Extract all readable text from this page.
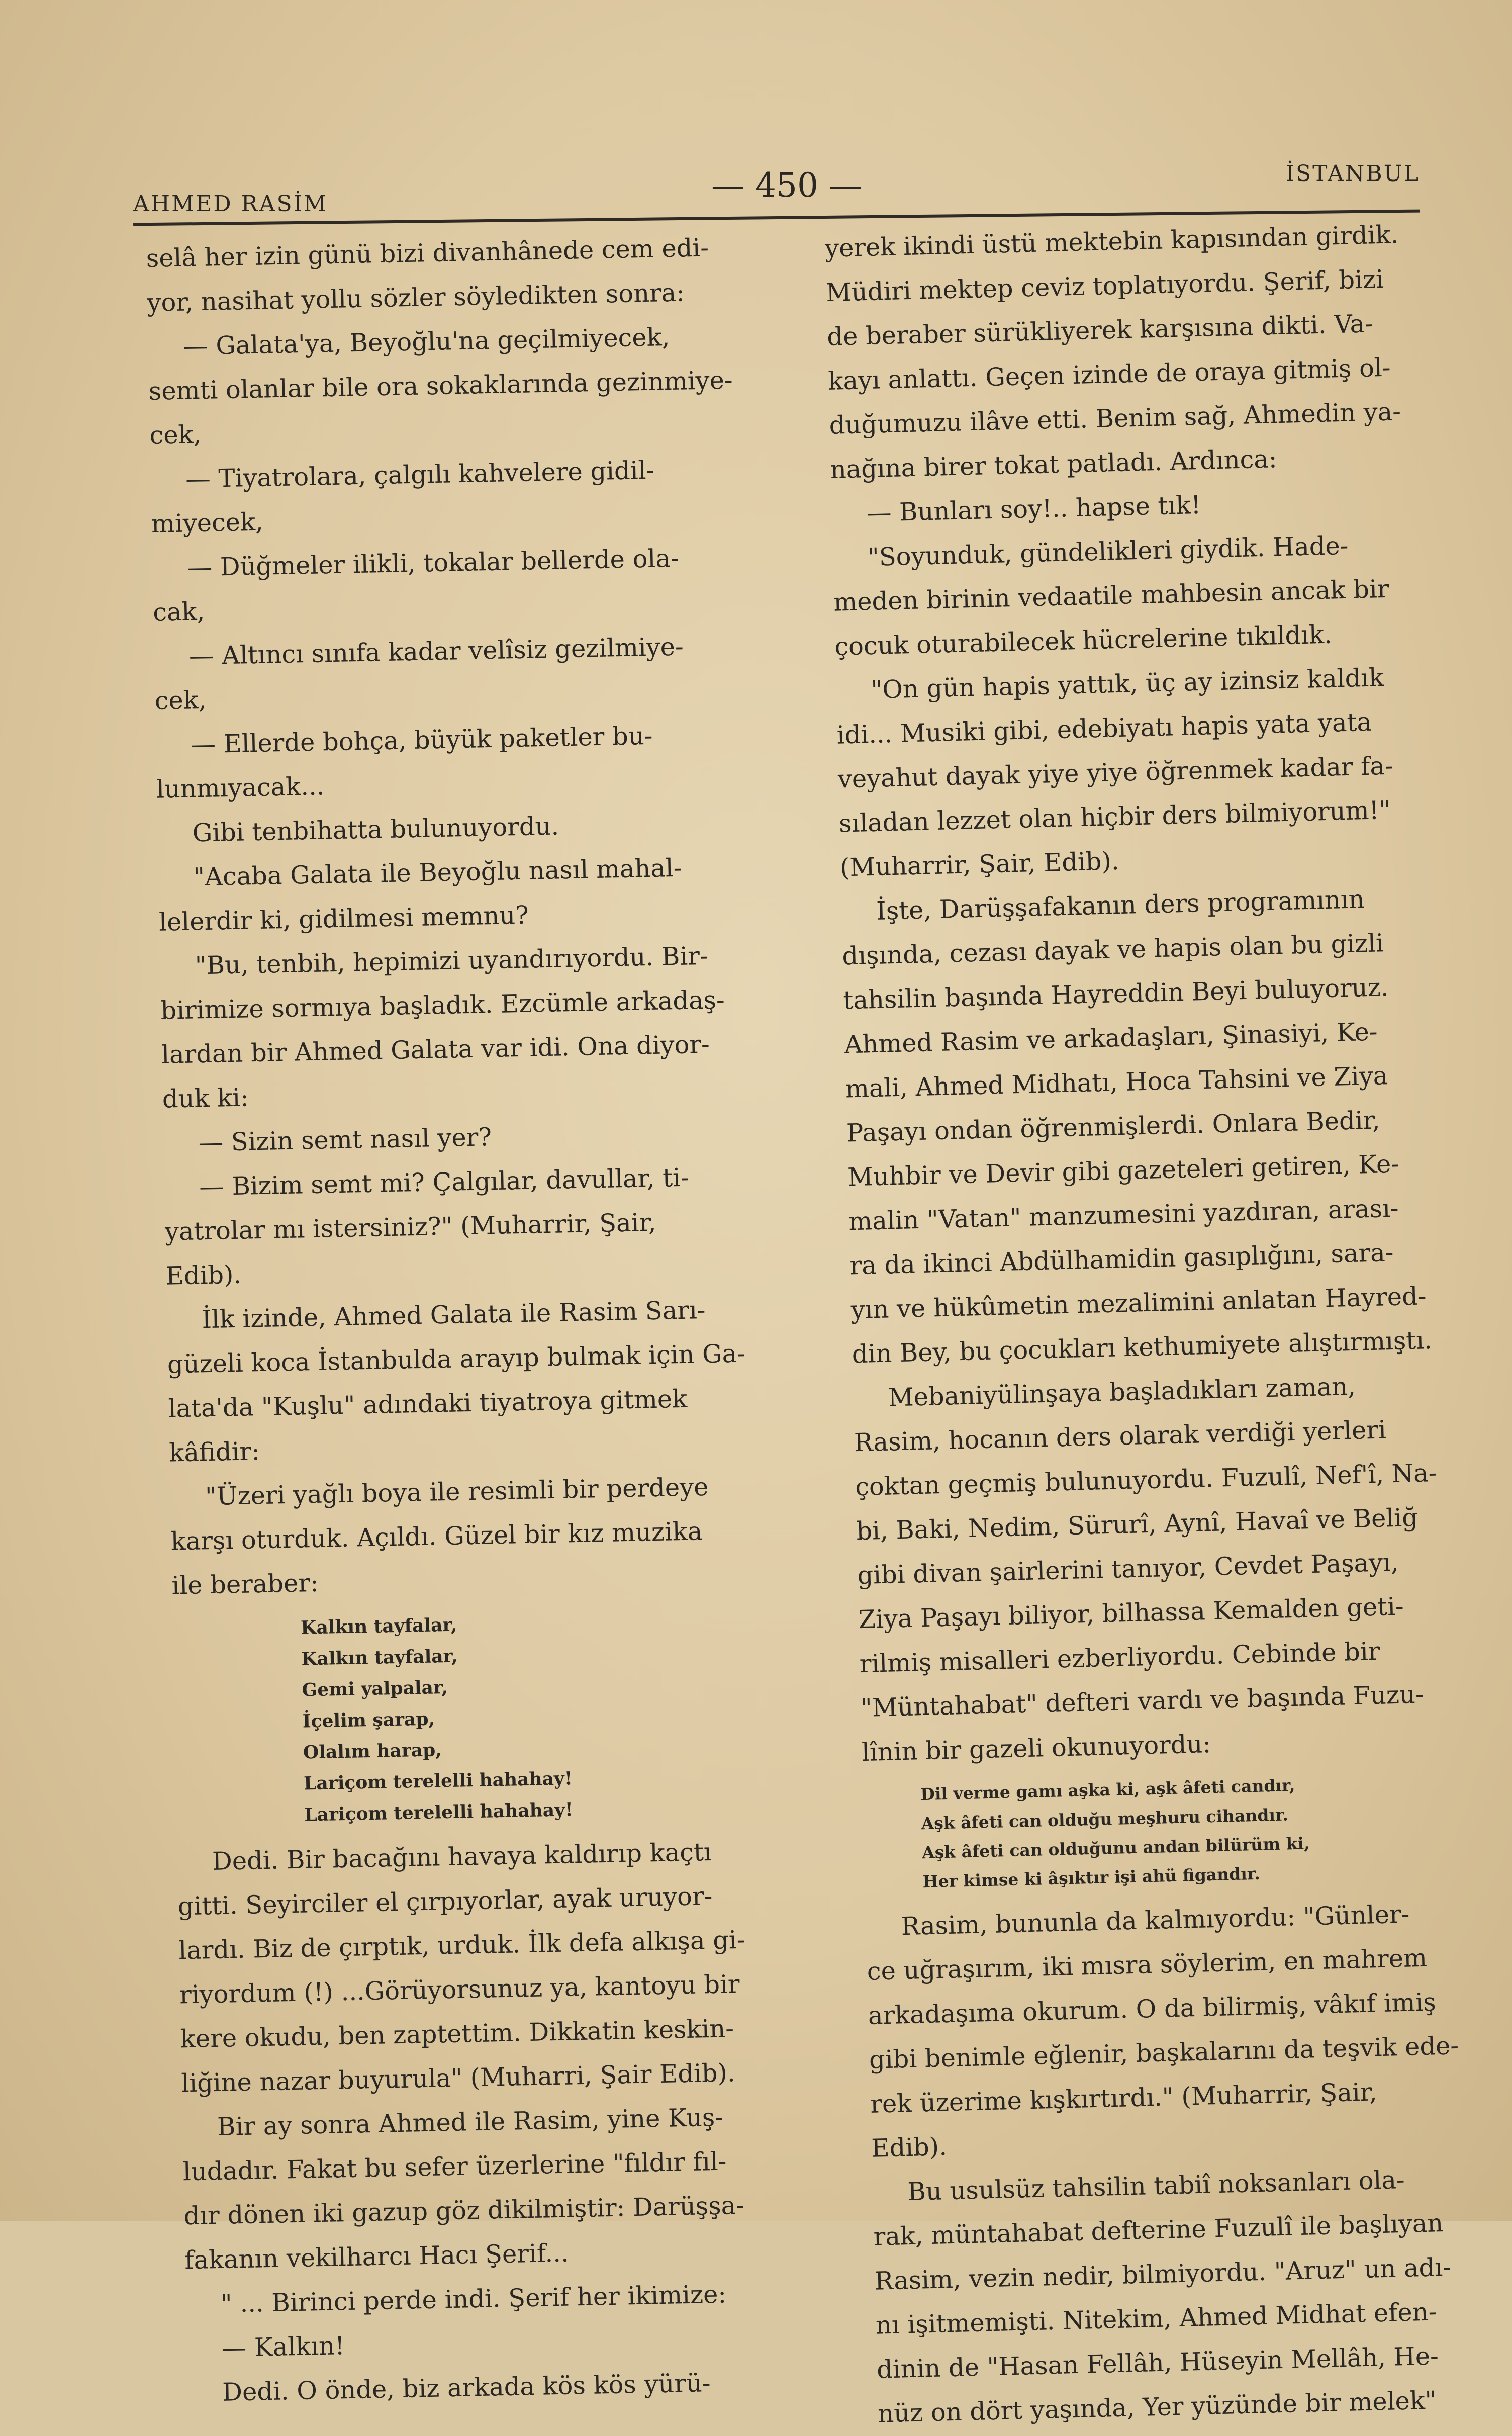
AHMED RASİM	— 450 —	İSTANBUL

selâ her izin günü bizi divanhânede cem edi-

yor, nasihat yollu sözler söyledikten sonra:

— Galata'ya, Beyoğlu'na geçilmiyecek,

semti olanlar bile ora sokaklarında gezinmiye-

cek,

— Tiyatrolara, çalgılı kahvelere gidil-

miyecek,

— Düğmeler ilikli, tokalar bellerde ola-

cak,

— Altıncı sınıfa kadar velîsiz gezilmiye-

cek,

— Ellerde bohça, büyük paketler bu-

lunmıyacak...

Gibi tenbihatta bulunuyordu.

"Acaba Galata ile Beyoğlu nasıl mahal-

lelerdir ki, gidilmesi memnu?

"Bu, tenbih, hepimizi uyandırıyordu. Bir-

birimize sormıya başladık. Ezcümle arkadaş-

lardan bir Ahmed Galata var idi. Ona diyor-

duk ki:

— Sizin semt nasıl yer?

— Bizim semt mi? Çalgılar, davullar, ti-

yatrolar mı istersiniz?" (Muharrir, Şair,

Edib).

İlk izinde, Ahmed Galata ile Rasim Sarı-

güzeli koca İstanbulda arayıp bulmak için Ga-

lata'da "Kuşlu" adındaki tiyatroya gitmek

kâfidir:

"Üzeri yağlı boya ile resimli bir perdeye

karşı oturduk. Açıldı. Güzel bir kız muzika

ile beraber:

Kalkın tayfalar,

Kalkın tayfalar,

Gemi yalpalar,

İçelim şarap,

Olalım harap,

Lariçom terelelli hahahay!

Lariçom terelelli hahahay!

Dedi. Bir bacağını havaya kaldırıp kaçtı

gitti. Seyirciler el çırpıyorlar, ayak uruyor-

lardı. Biz de çırptık, urduk. İlk defa alkışa gi-

riyordum (!) ...Görüyorsunuz ya, kantoyu bir

kere okudu, ben zaptettim. Dikkatin keskin-

liğine nazar buyurula" (Muharri, Şair Edib).

Bir ay sonra Ahmed ile Rasim, yine Kuş-

ludadır. Fakat bu sefer üzerlerine "fıldır fıl-

dır dönen iki gazup göz dikilmiştir: Darüşşa-

fakanın vekilharcı Hacı Şerif...

" ... Birinci perde indi. Şerif her ikimize:

— Kalkın!

Dedi. O önde, biz arkada kös kös yürü-

yerek ikindi üstü mektebin kapısından girdik.

Müdiri mektep ceviz toplatıyordu. Şerif, bizi

de beraber sürükliyerek karşısına dikti. Va-

kayı anlattı. Geçen izinde de oraya gitmiş ol-

duğumuzu ilâve etti. Benim sağ, Ahmedin ya-

nağına birer tokat patladı. Ardınca:

— Bunları soy!.. hapse tık!

"Soyunduk, gündelikleri giydik. Hade-

meden birinin vedaatile mahbesin ancak bir

çocuk oturabilecek hücrelerine tıkıldık.

"On gün hapis yattık, üç ay izinsiz kaldık

idi... Musiki gibi, edebiyatı hapis yata yata

veyahut dayak yiye yiye öğrenmek kadar fa-

sıladan lezzet olan hiçbir ders bilmiyorum!"

(Muharrir, Şair, Edib).

İşte, Darüşşafakanın ders programının

dışında, cezası dayak ve hapis olan bu gizli

tahsilin başında Hayreddin Beyi buluyoruz.

Ahmed Rasim ve arkadaşları, Şinasiyi, Ke-

mali, Ahmed Midhatı, Hoca Tahsini ve Ziya

Paşayı ondan öğrenmişlerdi. Onlara Bedir,

Muhbir ve Devir gibi gazeteleri getiren, Ke-

malin "Vatan" manzumesini yazdıran, arası-

ra da ikinci Abdülhamidin gasıplığını, sara-

yın ve hükûmetin mezalimini anlatan Hayred-

din Bey, bu çocukları kethumiyete alıştırmıştı.

Mebaniyülinşaya başladıkları zaman,

Rasim, hocanın ders olarak verdiği yerleri

çoktan geçmiş bulunuyordu. Fuzulî, Nef'î, Na-

bi, Baki, Nedim, Sürurî, Aynî, Havaî ve Beliğ

gibi divan şairlerini tanıyor, Cevdet Paşayı,

Ziya Paşayı biliyor, bilhassa Kemalden geti-

rilmiş misalleri ezberliyordu. Cebinde bir

"Müntahabat" defteri vardı ve başında Fuzu-

lînin bir gazeli okunuyordu:

Dil verme gamı aşka ki, aşk âfeti candır,

Aşk âfeti can olduğu meşhuru cihandır.

Aşk âfeti can olduğunu andan bilürüm ki,

Her kimse ki âşıktır işi ahü figandır.

Rasim, bununla da kalmıyordu: "Günler-

ce uğraşırım, iki mısra söylerim, en mahrem

arkadaşıma okurum. O da bilirmiş, vâkıf imiş

gibi benimle eğlenir, başkalarını da teşvik ede-

rek üzerime kışkırtırdı." (Muharrir, Şair,

Edib).

Bu usulsüz tahsilin tabiî noksanları ola-

rak, müntahabat defterine Fuzulî ile başlıyan

Rasim, vezin nedir, bilmiyordu. "Aruz" un adı-

nı işitmemişti. Nitekim, Ahmed Midhat efen-

dinin de "Hasan Fellâh, Hüseyin Mellâh, He-

nüz on dört yaşında, Yer yüzünde bir melek"
